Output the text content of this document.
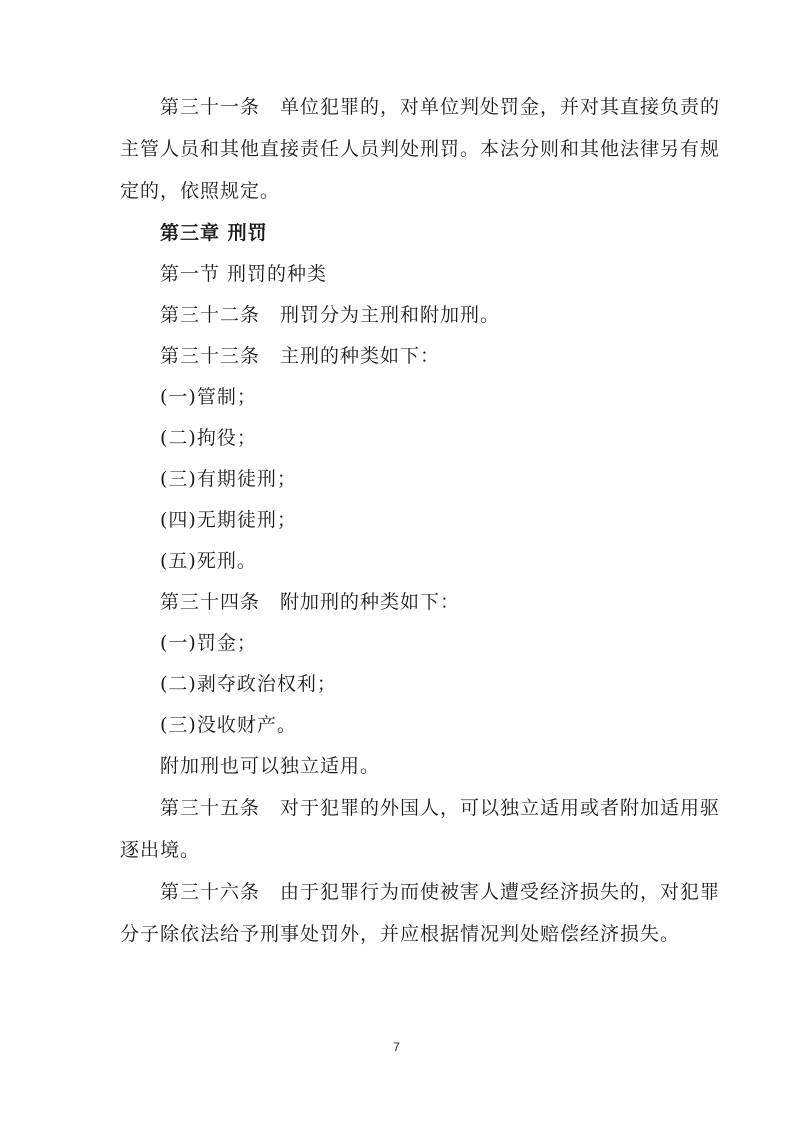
第三十一条　单位犯罪的，对单位判处罚金，并对其直接负责的
主管人员和其他直接责任人员判处刑罚。本法分则和其他法律另有规
定的，依照规定。
第三章 刑罚
第一节 刑罚的种类
第三十二条　刑罚分为主刑和附加刑。
第三十三条　主刑的种类如下：
(一)管制；
(二)拘役；
(三)有期徒刑；
(四)无期徒刑；
(五)死刑。
第三十四条　附加刑的种类如下：
(一)罚金；
(二)剥夺政治权利；
(三)没收财产。
附加刑也可以独立适用。
第三十五条　对于犯罪的外国人，可以独立适用或者附加适用驱
逐出境。
第三十六条　由于犯罪行为而使被害人遭受经济损失的，对犯罪
分子除依法给予刑事处罚外，并应根据情况判处赔偿经济损失。
7
